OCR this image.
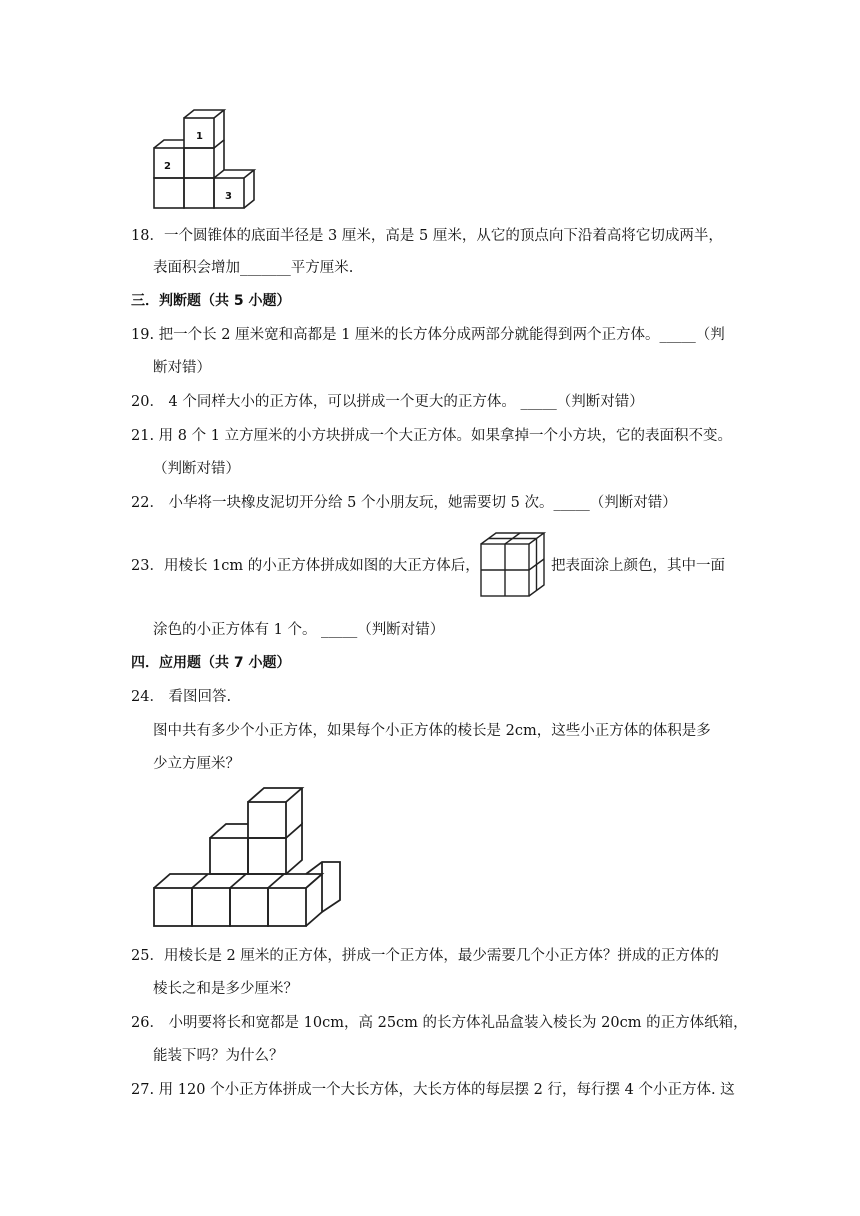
1
2
3
18．一个圆锥体的底面半径是 3 厘米，高是 5 厘米，从它的顶点向下沿着高将它切成两半，
表面积会增加_______平方厘米.
三．判断题（共 5 小题）
19. 把一个长 2 厘米宽和高都是 1 厘米的长方体分成两部分就能得到两个正方体。_____（判
断对错）
20． 4 个同样大小的正方体，可以拼成一个更大的正方体。 _____（判断对错）
21. 用 8 个 1 立方厘米的小方块拼成一个大正方体。如果拿掉一个小方块，它的表面积不变。
（判断对错）
22． 小华将一块橡皮泥切开分给 5 个小朋友玩，她需要切 5 次。_____（判断对错）
23．用棱长 1cm 的小正方体拼成如图的大正方体后，	把表面涂上颜色，其中一面
涂色的小正方体有 1 个。 _____（判断对错）
四．应用题（共 7 小题）
24． 看图回答.
图中共有多少个小正方体，如果每个小正方体的棱长是 2cm，这些小正方体的体积是多
少立方厘米？
25．用棱长是 2 厘米的正方体，拼成一个正方体，最少需要几个小正方体？拼成的正方体的
棱长之和是多少厘米？
26． 小明要将长和宽都是 10cm，高 25cm 的长方体礼品盒装入棱长为 20cm 的正方体纸箱，
能装下吗？为什么？
27. 用 120 个小正方体拼成一个大长方体，大长方体的每层摆 2 行，每行摆 4 个小正方体. 这
